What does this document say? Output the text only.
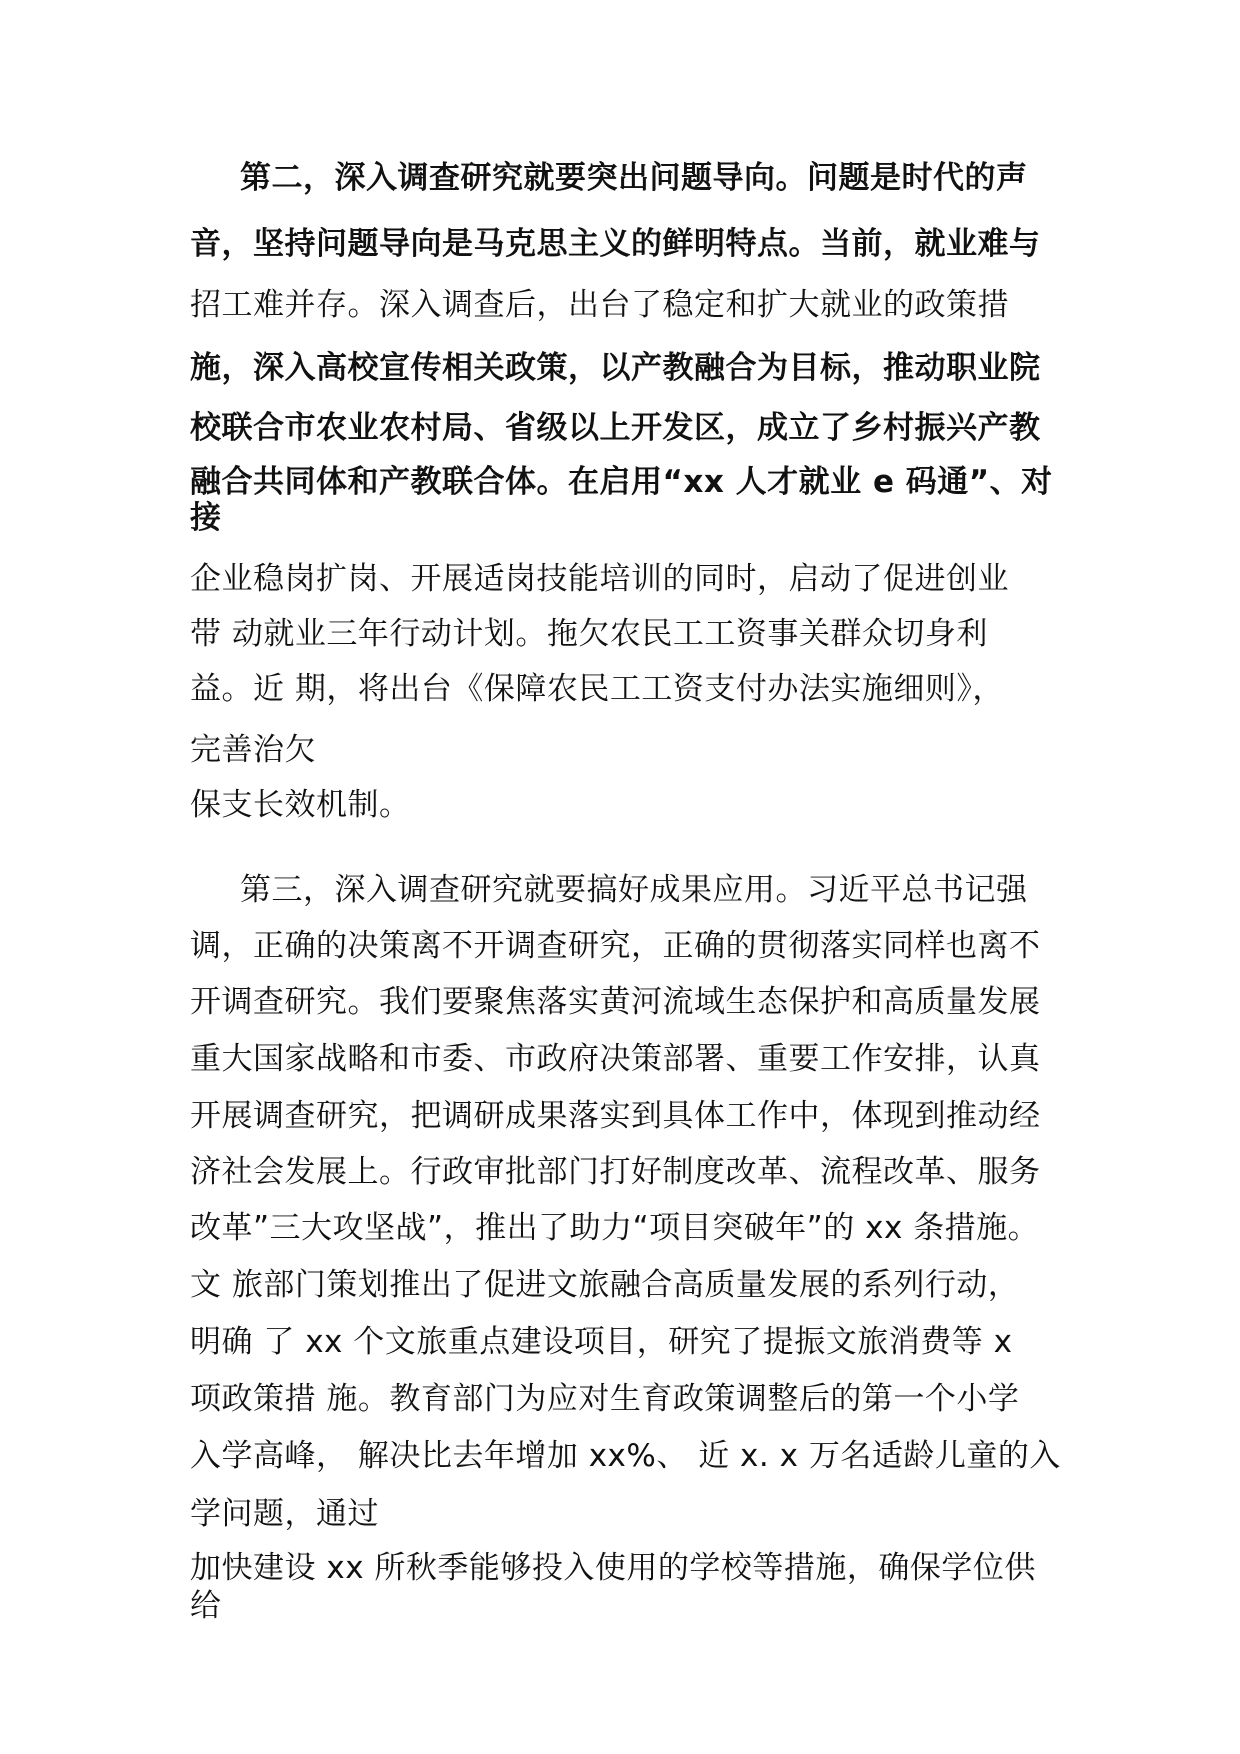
第二，深入调查研究就要突出问题导向。问题是时代的声
音，坚持问题导向是马克思主义的鲜明特点。当前，就业难与
招工难并存。深入调查后，出台了稳定和扩大就业的政策措
施，深入高校宣传相关政策，以产教融合为目标，推动职业院
校联合市农业农村局、省级以上开发区，成立了乡村振兴产教
融合共同体和产教联合体。在启用“xx 人才就业 e 码通”、对
接
企业稳岗扩岗、开展适岗技能培训的同时，启动了促进创业
带 动就业三年行动计划。拖欠农民工工资事关群众切身利
益。近 期，将出台《保障农民工工资支付办法实施细则》，
完善治欠
保支长效机制。
第三，深入调查研究就要搞好成果应用。习近平总书记强
调，正确的决策离不开调查研究，正确的贯彻落实同样也离不
开调查研究。我们要聚焦落实黄河流域生态保护和高质量发展
重大国家战略和市委、市政府决策部署、重要工作安排，认真
开展调查研究，把调研成果落实到具体工作中，体现到推动经
济社会发展上。行政审批部门打好制度改革、流程改革、服务
改革”三大攻坚战”，推出了助力“项目突破年”的 xx 条措施。
文 旅部门策划推出了促进文旅融合高质量发展的系列行动，
明确 了 xx 个文旅重点建设项目，研究了提振文旅消费等 x
项政策措 施。教育部门为应对生育政策调整后的第一个小学
入学高峰， 解决比去年增加 xx%、 近 x. x 万名适龄儿童的入
学问题，通过
加快建设 xx 所秋季能够投入使用的学校等措施，确保学位供
给
